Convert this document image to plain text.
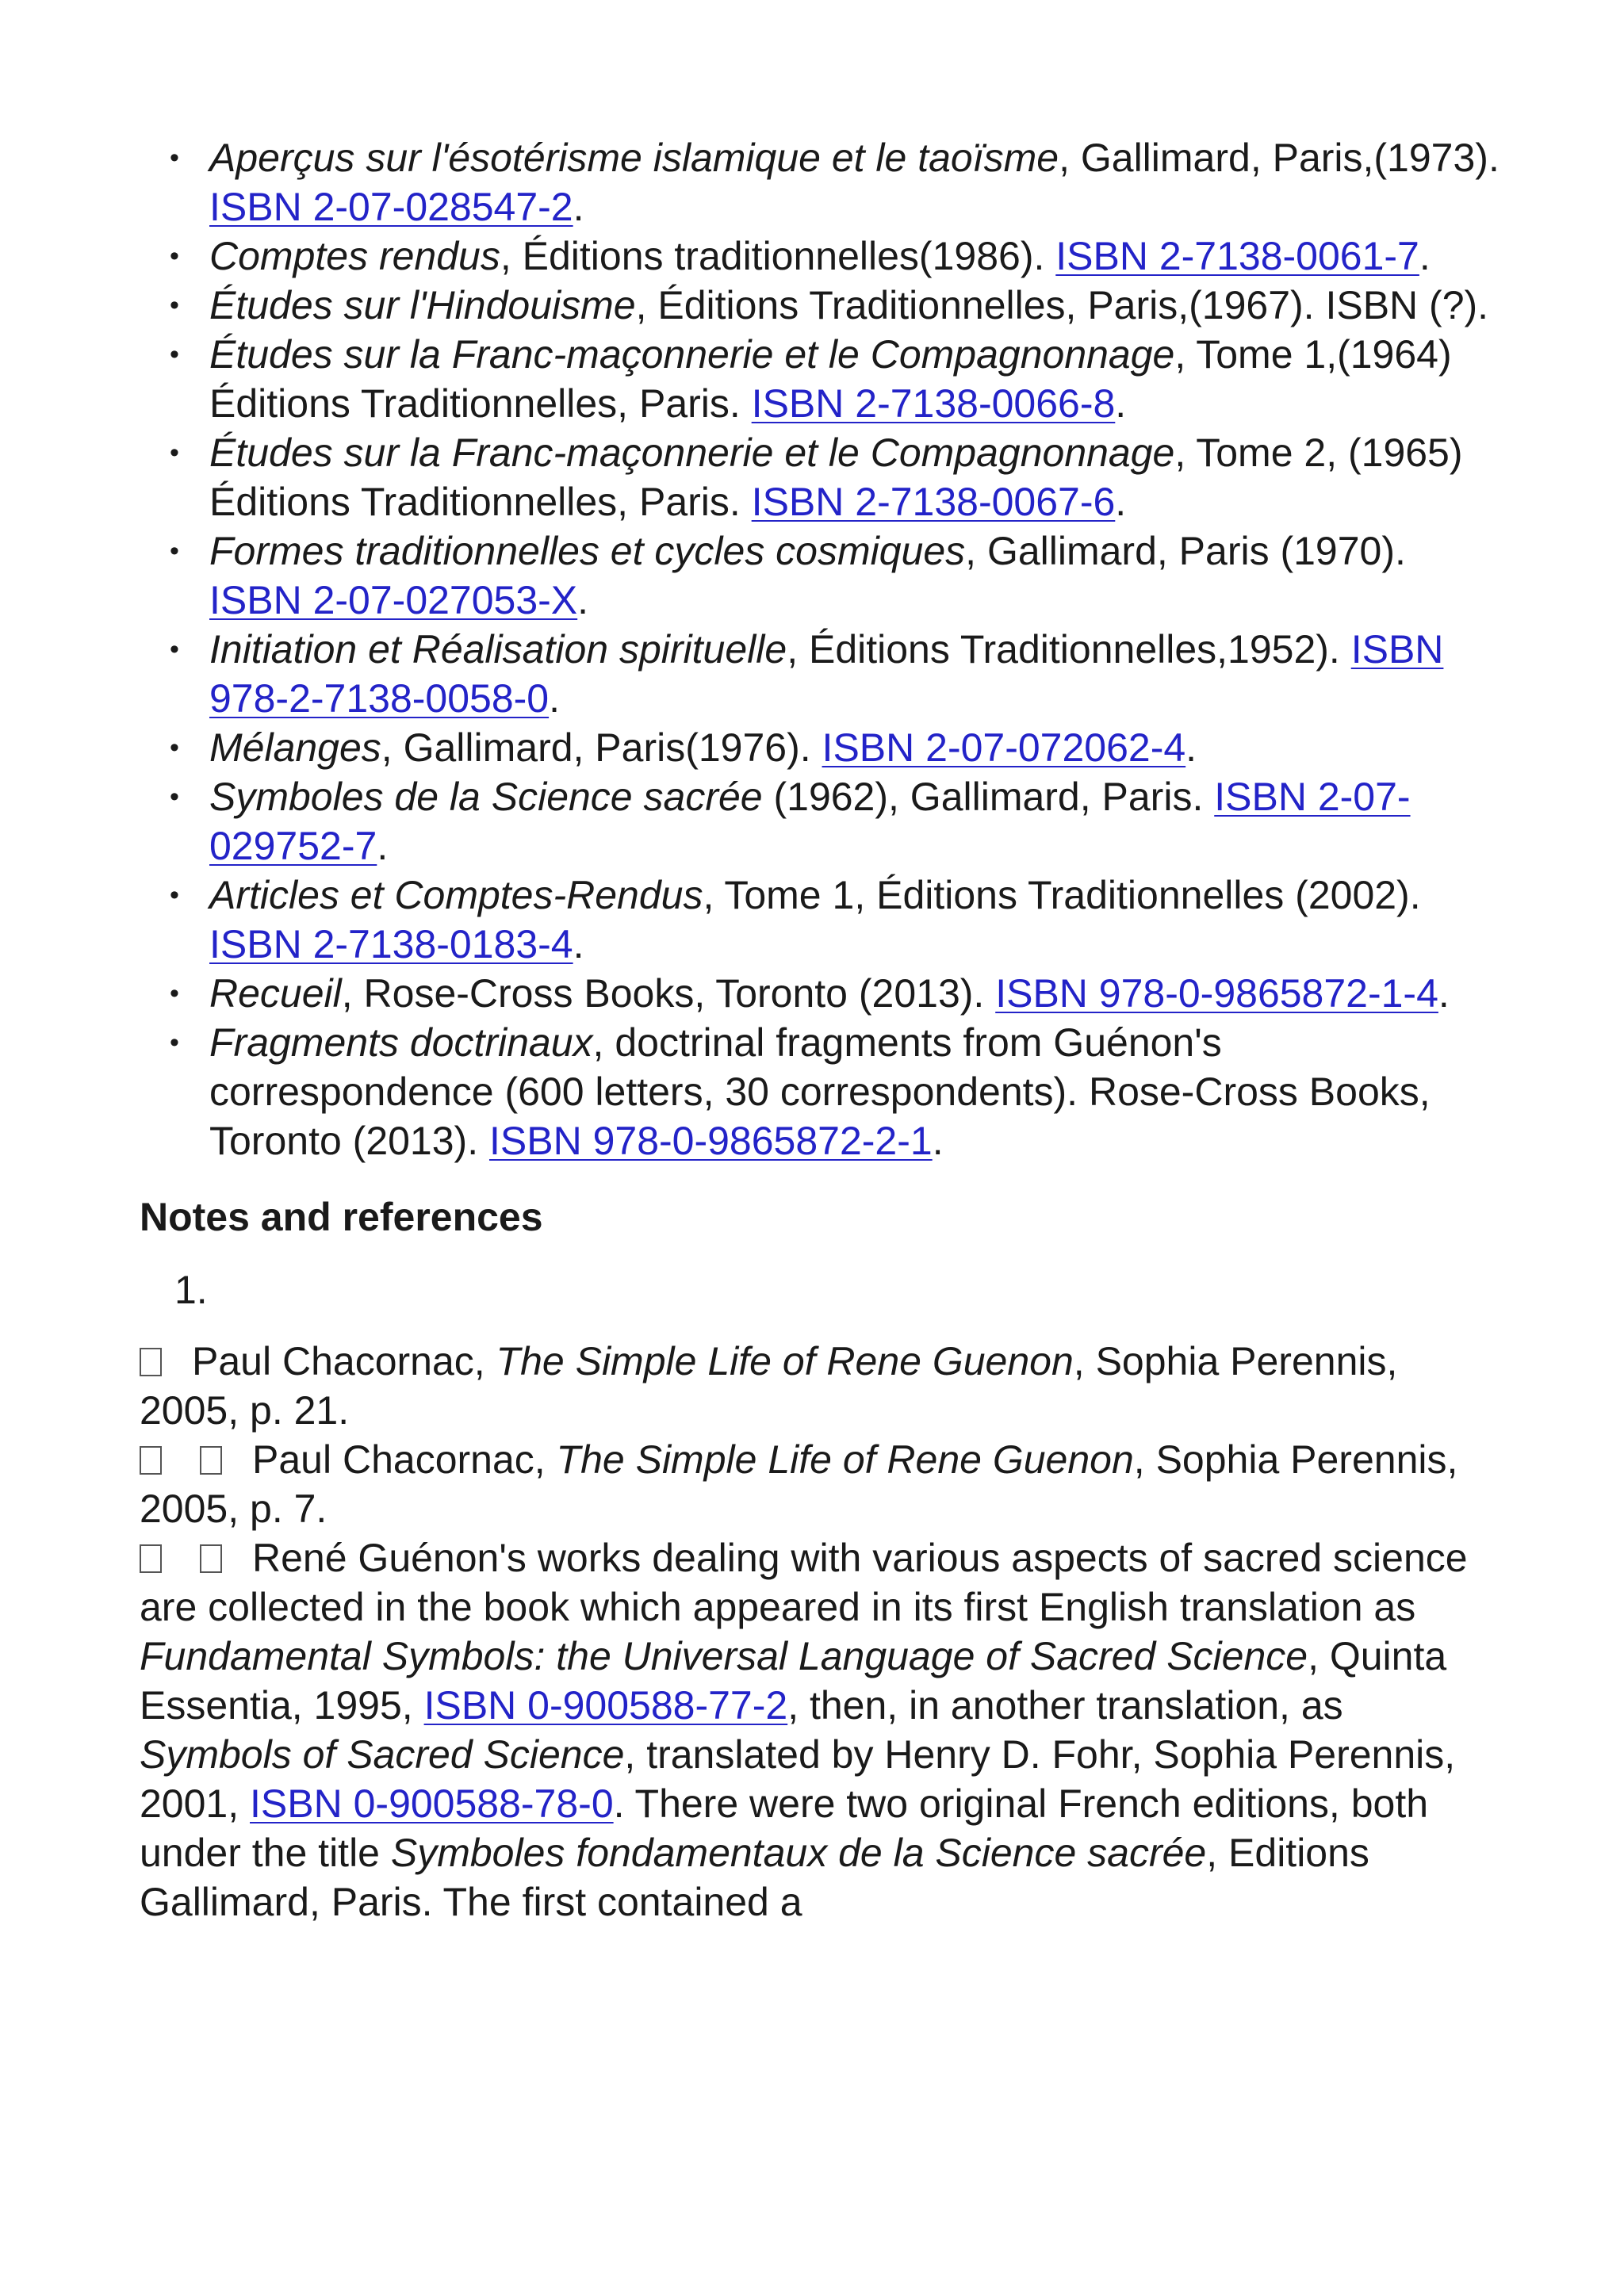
• Aperçus sur l'ésotérisme islamique et le taoïsme, Gallimard, Paris,(1973). ISBN 2-07-028547-2.
• Comptes rendus, Éditions traditionnelles(1986). ISBN 2-7138-0061-7.
• Études sur l'Hindouisme, Éditions Traditionnelles, Paris,(1967). ISBN (?).
• Études sur la Franc-maçonnerie et le Compagnonnage, Tome 1,(1964) Éditions Traditionnelles, Paris. ISBN 2-7138-0066-8.
• Études sur la Franc-maçonnerie et le Compagnonnage, Tome 2, (1965) Éditions Traditionnelles, Paris. ISBN 2-7138-0067-6.
• Formes traditionnelles et cycles cosmiques, Gallimard, Paris (1970). ISBN 2-07-027053-X.
• Initiation et Réalisation spirituelle, Éditions Traditionnelles,1952). ISBN 978-2-7138-0058-0.
• Mélanges, Gallimard, Paris(1976). ISBN 2-07-072062-4.
• Symboles de la Science sacrée (1962), Gallimard, Paris. ISBN 2-07-029752-7.
• Articles et Comptes-Rendus, Tome 1, Éditions Traditionnelles (2002). ISBN 2-7138-0183-4.
• Recueil, Rose-Cross Books, Toronto (2013). ISBN 978-0-9865872-1-4.
• Fragments doctrinaux, doctrinal fragments from Guénon's correspondence (600 letters, 30 correspondents). Rose-Cross Books, Toronto (2013). ISBN 978-0-9865872-2-1.
Notes and references
1.

Paul Chacornac, The Simple Life of Rene Guenon, Sophia Perennis, 2005, p. 21.

Paul Chacornac, The Simple Life of Rene Guenon, Sophia Perennis, 2005, p. 7.

René Guénon's works dealing with various aspects of sacred science are collected in the book which appeared in its first English translation as Fundamental Symbols: the Universal Language of Sacred Science, Quinta Essentia, 1995, ISBN 0-900588-77-2, then, in another translation, as Symbols of Sacred Science, translated by Henry D. Fohr, Sophia Perennis, 2001, ISBN 0-900588-78-0. There were two original French editions, both under the title Symboles fondamentaux de la Science sacrée, Editions Gallimard, Paris. The first contained a
